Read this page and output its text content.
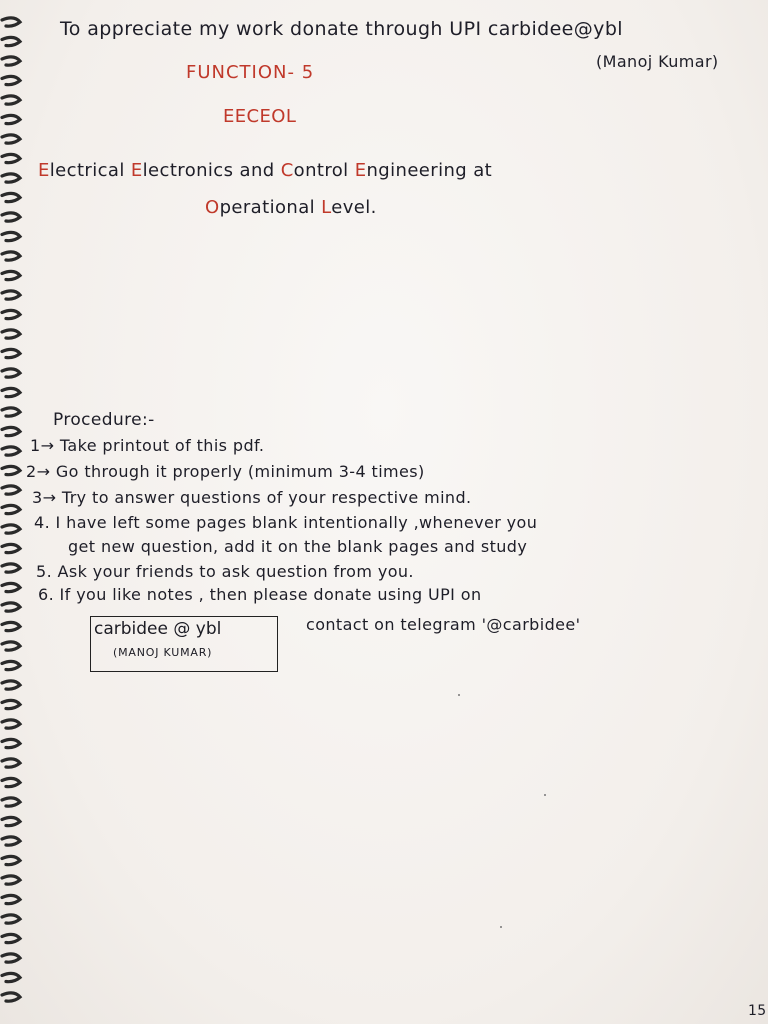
To appreciate my work donate through UPI carbidee@ybl
(Manoj Kumar)
FUNCTION- 5
EECEOL
Electrical Electronics and Control Engineering at
Operational Level.
Procedure:-
1→ Take printout of this pdf.
2→ Go through it properly (minimum 3-4 times)
3→ Try to answer questions of your respective mind.
4. I have left some pages blank intentionally ,whenever you
get new question, add it on the blank pages and study
5. Ask your friends to ask question from you.
6. If you like notes , then please donate using UPI on
carbidee @ ybl
(MANOJ KUMAR)
contact on telegram '@carbidee'
15
